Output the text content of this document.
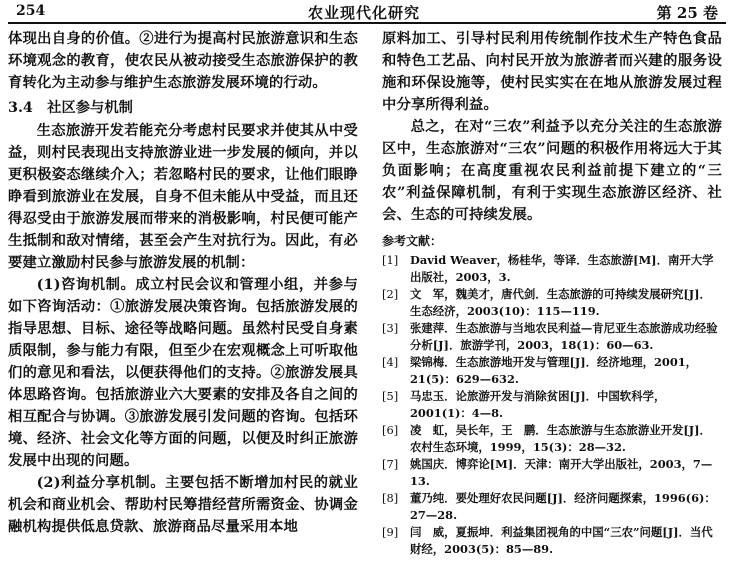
254	农业现代化研究	第 25 卷

体现出自身的价值。②进行为提高村民旅游意识和生态环境观念的教育，使农民从被动接受生态旅游保护的教育转化为主动参与维护生态旅游发展环境的行动。

3.4　社区参与机制

生态旅游开发若能充分考虑村民要求并使其从中受益，则村民表现出支持旅游业进一步发展的倾向，并以更积极姿态继续介入；若忽略村民的要求，让他们眼睁睁看到旅游业在发展，自身不但未能从中受益，而且还得忍受由于旅游发展而带来的消极影响，村民便可能产生抵制和敌对情绪，甚至会产生对抗行为。因此，有必要建立激励村民参与旅游发展的机制：

(1)咨询机制。成立村民会议和管理小组，并参与如下咨询活动：①旅游发展决策咨询。包括旅游发展的指导思想、目标、途径等战略问题。虽然村民受自身素质限制，参与能力有限，但至少在宏观概念上可听取他们的意见和看法，以便获得他们的支持。②旅游发展具体思路咨询。包括旅游业六大要素的安排及各自之间的相互配合与协调。③旅游发展引发问题的咨询。包括环境、经济、社会文化等方面的问题，以便及时纠正旅游发展中出现的问题。

(2)利益分享机制。主要包括不断增加村民的就业机会和商业机会、帮助村民筹措经营所需资金、协调金融机构提供低息贷款、旅游商品尽量采用本地

原料加工、引导村民利用传统制作技术生产特色食品和特色工艺品、向村民开放为旅游者而兴建的服务设施和环保设施等，使村民实实在在地从旅游发展过程中分享所得利益。

总之，在对“三农”利益予以充分关注的生态旅游区中，生态旅游对“三农”问题的积极作用将远大于其负面影响；在高度重视农民利益前提下建立的“三农”利益保障机制，有利于实现生态旅游区经济、社会、生态的可持续发展。

参考文献：
[1]	David Weaver，杨桂华，等译．生态旅游[M]．南开大学出版社，2003，3.
[2]	文　军，魏美才，唐代剑．生态旅游的可持续发展研究[J]．生态经济，2003(10)：115—119.
[3]	张建萍．生态旅游与当地农民利益—肯尼亚生态旅游成功经验分析[J]．旅游学刊，2003，18(1)：60—63.
[4]	梁锦梅．生态旅游地开发与管理[J]．经济地理，2001，21(5)：629—632.
[5]	马忠玉．论旅游开发与消除贫困[J]．中国软科学，2001(1)：4—8.
[6]	凌　虹，吴长年，王　鹏．生态旅游与生态旅游业开发[J]．农村生态环境，1999，15(3)：28—32.
[7]	姚国庆．博弈论[M]．天津：南开大学出版社，2003，7—13.
[8]	董乃纯．要处理好农民问题[J]．经济问题探索，1996(6)：27—28.
[9]	闫　威，夏振坤．利益集团视角的中国“三农”问题[J]．当代财经，2003(5)：85—89.
